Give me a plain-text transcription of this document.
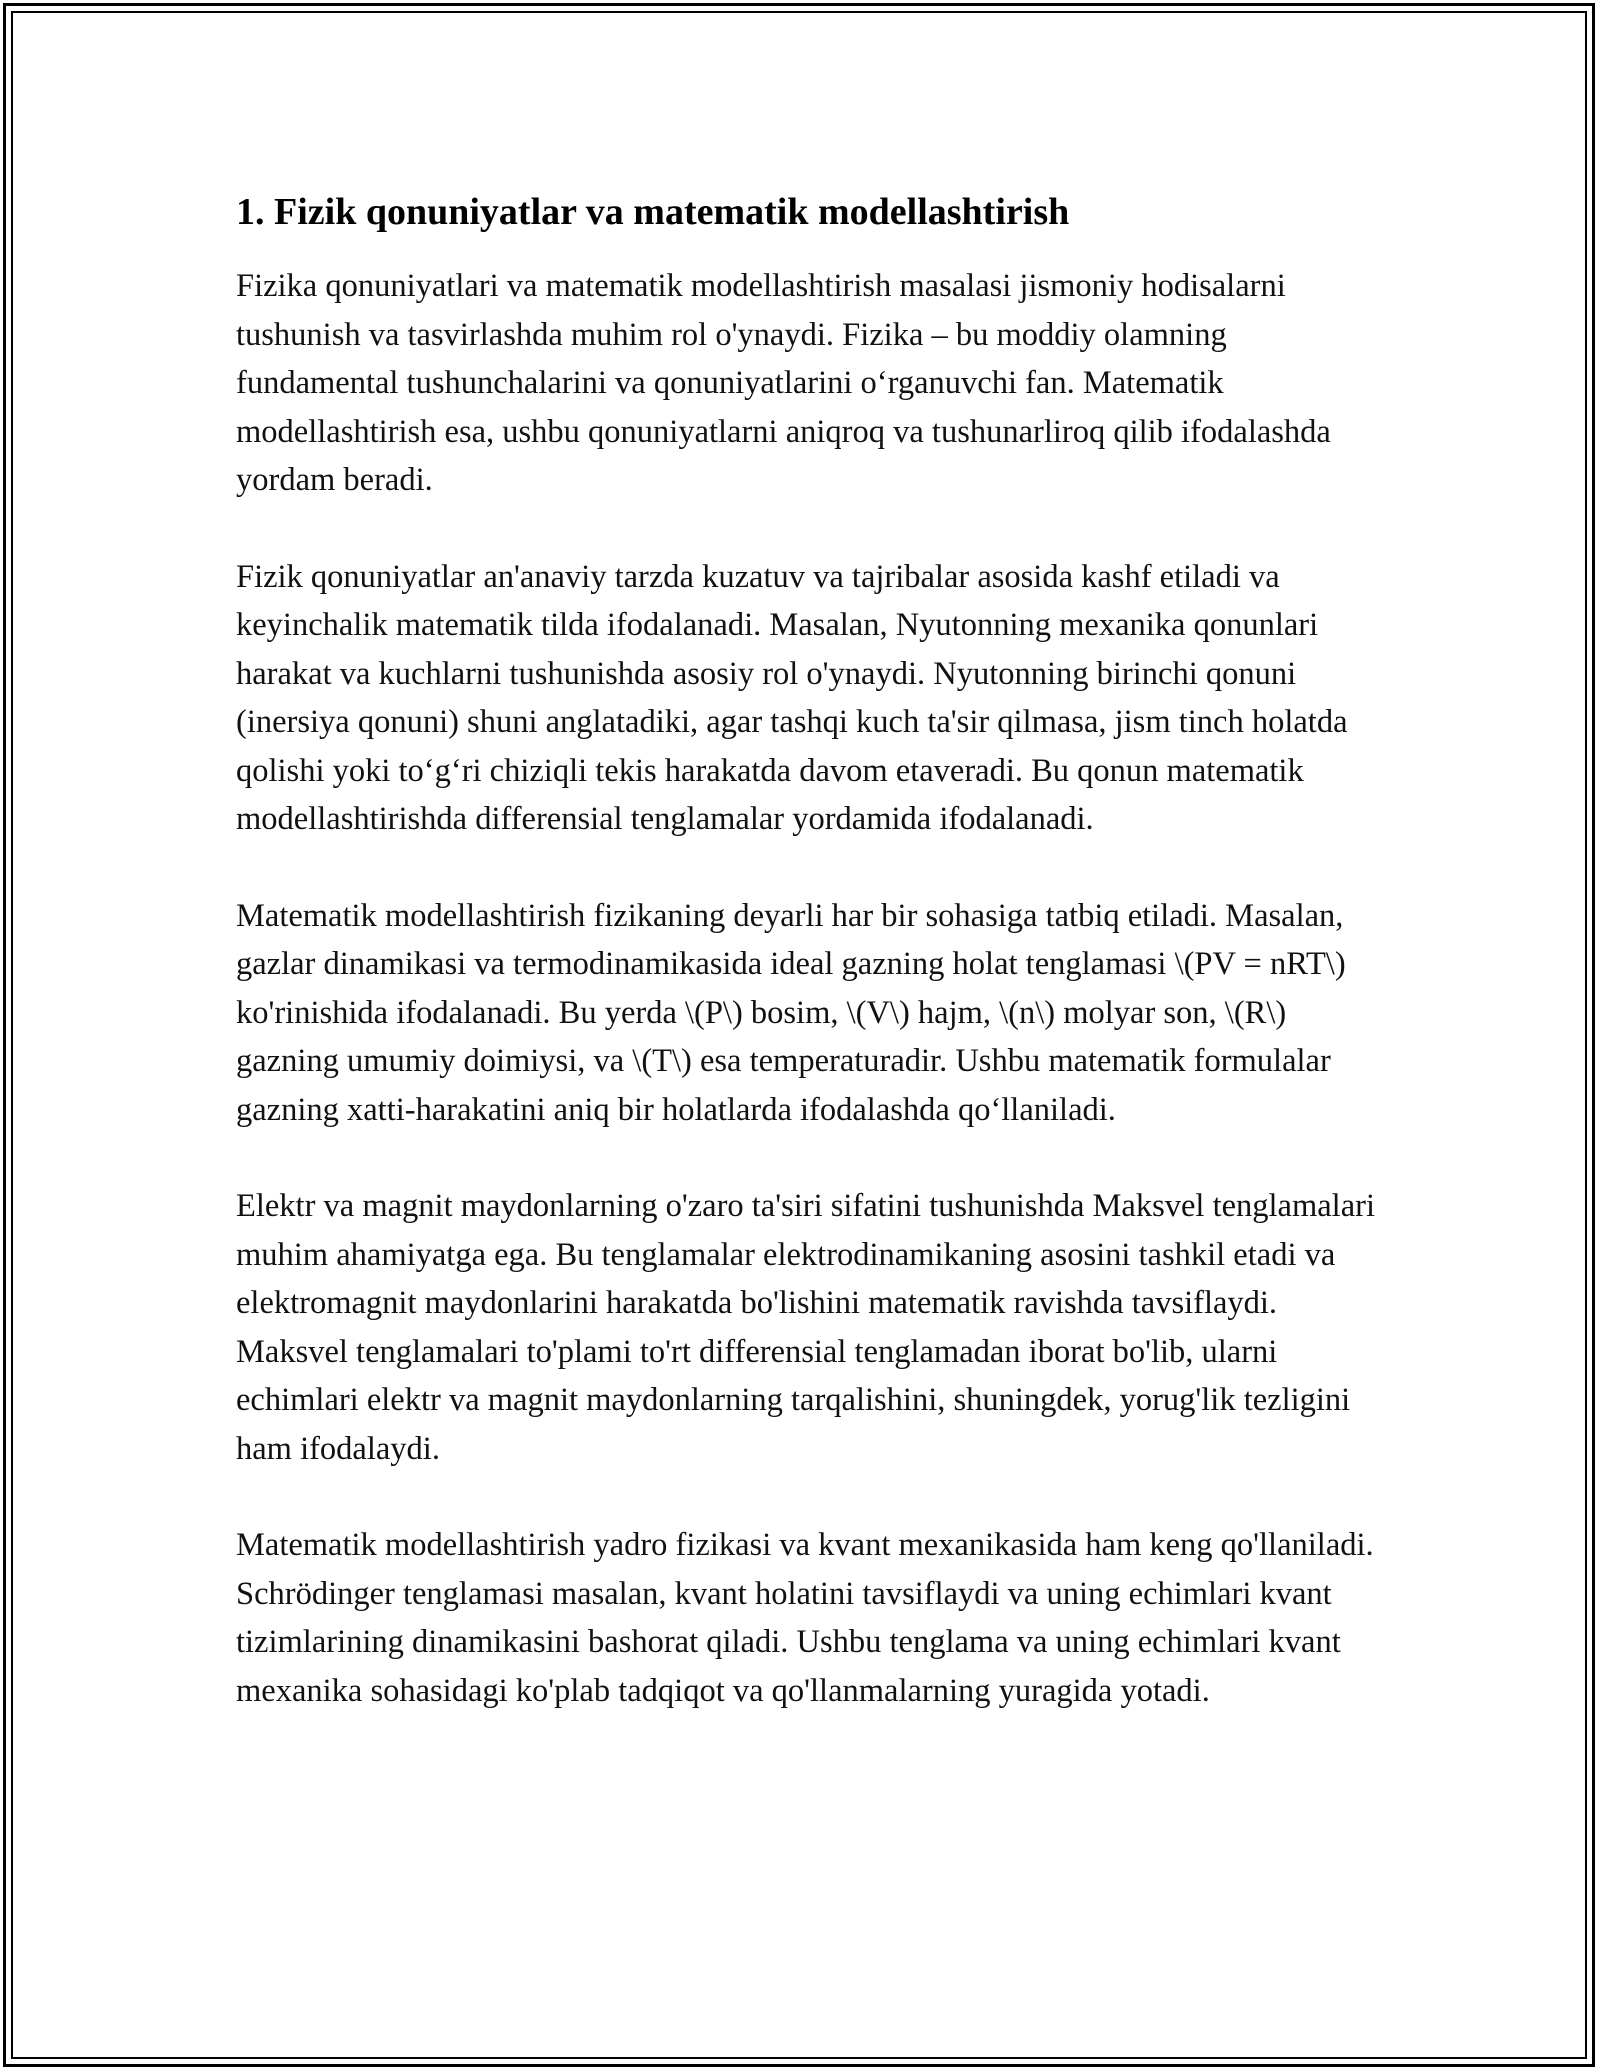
1. Fizik qonuniyatlar va matematik modellashtirish

Fizika qonuniyatlari va matematik modellashtirish masalasi jismoniy hodisalarni tushunish va tasvirlashda muhim rol o'ynaydi. Fizika – bu moddiy olamning fundamental tushunchalarini va qonuniyatlarini o‘rganuvchi fan. Matematik modellashtirish esa, ushbu qonuniyatlarni aniqroq va tushunarliroq qilib ifodalashda yordam beradi.

Fizik qonuniyatlar an'anaviy tarzda kuzatuv va tajribalar asosida kashf etiladi va keyinchalik matematik tilda ifodalanadi. Masalan, Nyutonning mexanika qonunlari harakat va kuchlarni tushunishda asosiy rol o'ynaydi. Nyutonning birinchi qonuni (inersiya qonuni) shuni anglatadiki, agar tashqi kuch ta'sir qilmasa, jism tinch holatda qolishi yoki to‘g‘ri chiziqli tekis harakatda davom etaveradi. Bu qonun matematik modellashtirishda differensial tenglamalar yordamida ifodalanadi.

Matematik modellashtirish fizikaning deyarli har bir sohasiga tatbiq etiladi. Masalan, gazlar dinamikasi va termodinamikasida ideal gazning holat tenglamasi \(PV = nRT\) ko'rinishida ifodalanadi. Bu yerda \(P\) bosim, \(V\) hajm, \(n\) molyar son, \(R\) gazning umumiy doimiysi, va \(T\) esa temperaturadir. Ushbu matematik formulalar gazning xatti-harakatini aniq bir holatlarda ifodalashda qo‘llaniladi.

Elektr va magnit maydonlarning o'zaro ta'siri sifatini tushunishda Maksvel tenglamalari muhim ahamiyatga ega. Bu tenglamalar elektrodinamikaning asosini tashkil etadi va elektromagnit maydonlarini harakatda bo'lishini matematik ravishda tavsiflaydi. Maksvel tenglamalari to'plami to'rt differensial tenglamadan iborat bo'lib, ularni echimlari elektr va magnit maydonlarning tarqalishini, shuningdek, yorug'lik tezligini ham ifodalaydi.

Matematik modellashtirish yadro fizikasi va kvant mexanikasida ham keng qo'llaniladi. Schrödinger tenglamasi masalan, kvant holatini tavsiflaydi va uning echimlari kvant tizimlarining dinamikasini bashorat qiladi. Ushbu tenglama va uning echimlari kvant mexanika sohasidagi ko'plab tadqiqot va qo'llanmalarning yuragida yotadi.
